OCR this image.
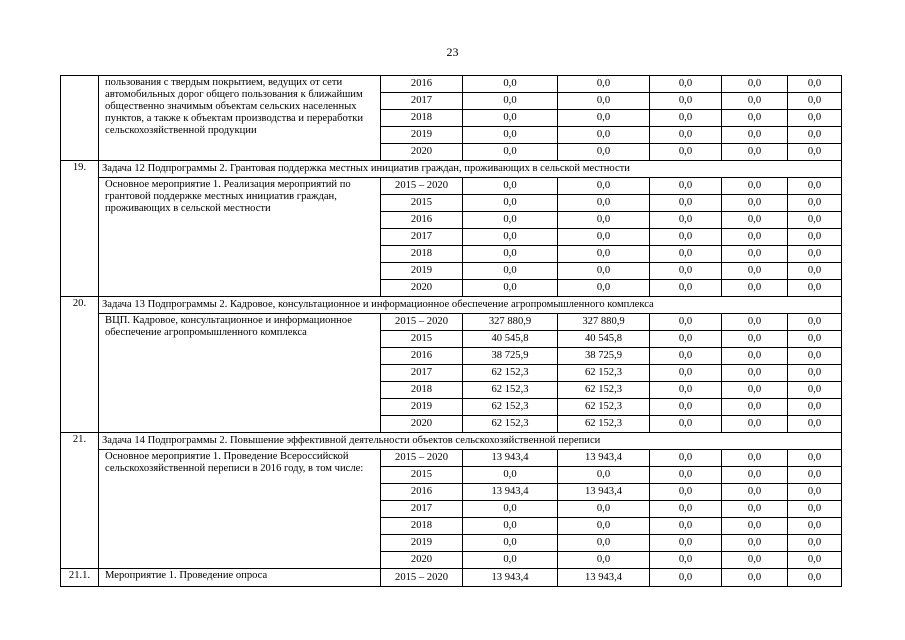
23
	пользования с твердым покрытием, ведущих от сети автомобильных дорог общего пользования к ближайшим общественно значимым объектам сельских населенных пунктов, а также к объектам производства и переработки сельскохозяйственной продукции	2016	0,0	0,0	0,0	0,0	0,0
		2017	0,0	0,0	0,0	0,0	0,0
		2018	0,0	0,0	0,0	0,0	0,0
		2019	0,0	0,0	0,0	0,0	0,0
		2020	0,0	0,0	0,0	0,0	0,0
19.	Задача 12 Подпрограммы 2. Грантовая поддержка местных инициатив граждан, проживающих в сельской местности						
	Основное мероприятие 1. Реализация мероприятий по грантовой поддержке местных инициатив граждан, проживающих в сельской местности	2015 – 2020	0,0	0,0	0,0	0,0	0,0
		2015	0,0	0,0	0,0	0,0	0,0
		2016	0,0	0,0	0,0	0,0	0,0
		2017	0,0	0,0	0,0	0,0	0,0
		2018	0,0	0,0	0,0	0,0	0,0
		2019	0,0	0,0	0,0	0,0	0,0
		2020	0,0	0,0	0,0	0,0	0,0
20.	Задача 13 Подпрограммы 2. Кадровое, консультационное и информационное обеспечение агропромышленного комплекса						
	ВЦП. Кадровое, консультационное и информационное обеспечение агропромышленного комплекса	2015 – 2020	327 880,9	327 880,9	0,0	0,0	0,0
		2015	40 545,8	40 545,8	0,0	0,0	0,0
		2016	38 725,9	38 725,9	0,0	0,0	0,0
		2017	62 152,3	62 152,3	0,0	0,0	0,0
		2018	62 152,3	62 152,3	0,0	0,0	0,0
		2019	62 152,3	62 152,3	0,0	0,0	0,0
		2020	62 152,3	62 152,3	0,0	0,0	0,0
21.	Задача 14 Подпрограммы 2. Повышение эффективной деятельности объектов сельскохозяйственной переписи						
	Основное мероприятие 1. Проведение Всероссийской сельскохозяйственной переписи в 2016 году, в том числе:	2015 – 2020	13 943,4	13 943,4	0,0	0,0	0,0
		2015	0,0	0,0	0,0	0,0	0,0
		2016	13 943,4	13 943,4	0,0	0,0	0,0
		2017	0,0	0,0	0,0	0,0	0,0
		2018	0,0	0,0	0,0	0,0	0,0
		2019	0,0	0,0	0,0	0,0	0,0
		2020	0,0	0,0	0,0	0,0	0,0
21.1.	Мероприятие 1. Проведение опроса	2015 – 2020	13 943,4	13 943,4	0,0	0,0	0,0
